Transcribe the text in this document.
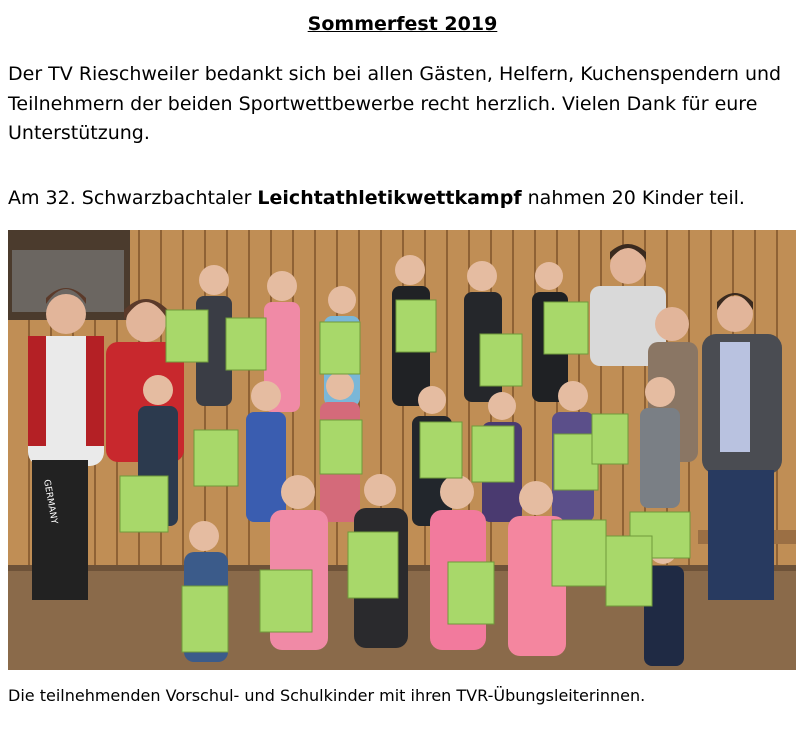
Sommerfest 2019

Der TV Rieschweiler bedankt sich bei allen Gästen, Helfern, Kuchenspendern und Teilnehmern der beiden Sportwettbewerbe recht herzlich. Vielen Dank für eure Unterstützung.

Am 32. Schwarzbachtaler Leichtathletikwettkampf nahmen 20 Kinder teil.

GERMANY

Die teilnehmenden Vorschul- und Schulkinder mit ihren TVR-Übungsleiterinnen.
